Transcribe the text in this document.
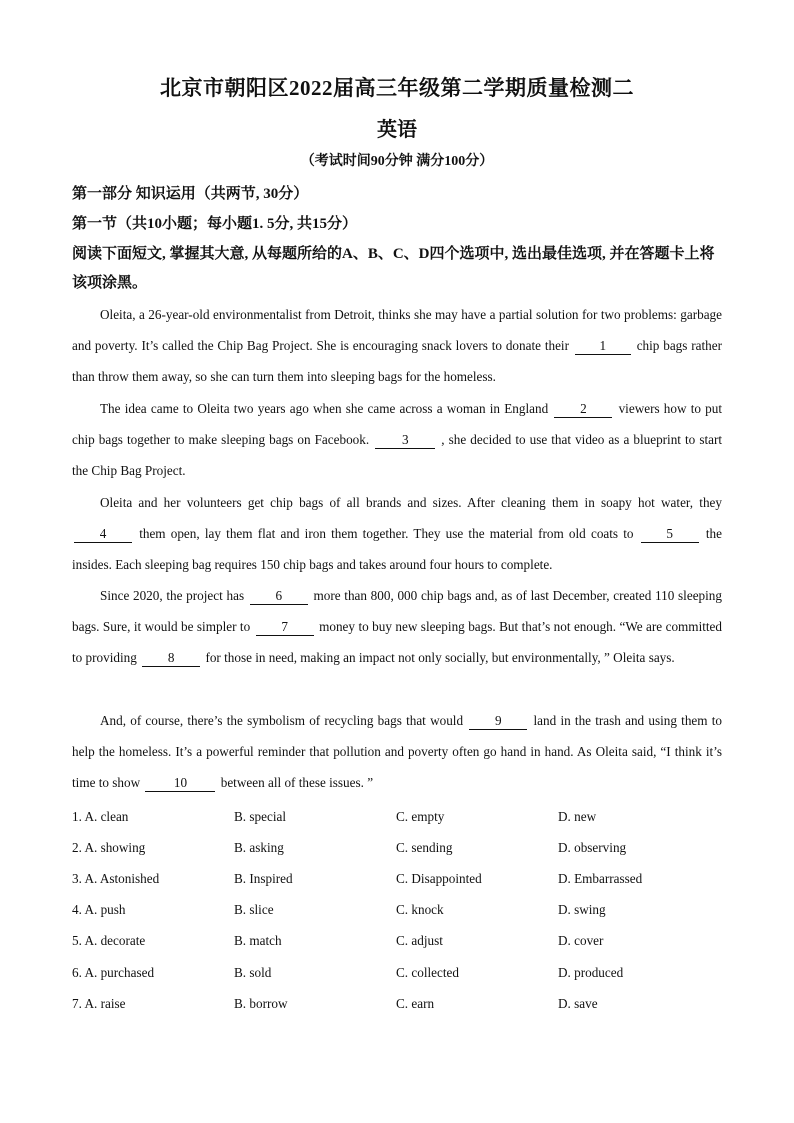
北京市朝阳区2022届高三年级第二学期质量检测二
英语
（考试时间90分钟 满分100分）
第一部分 知识运用（共两节, 30分）
第一节（共10小题；每小题1. 5分, 共15分）
阅读下面短文, 掌握其大意, 从每题所给的A、B、C、D四个选项中, 选出最佳选项, 并在答题卡上将该项涂黑。
Oleita, a 26-year-old environmentalist from Detroit, thinks she may have a partial solution for two problems: garbage and poverty. It’s called the Chip Bag Project. She is encouraging snack lovers to donate their 1 chip bags rather than throw them away, so she can turn them into sleeping bags for the homeless.
The idea came to Oleita two years ago when she came across a woman in England 2 viewers how to put chip bags together to make sleeping bags on Facebook. 3 , she decided to use that video as a blueprint to start the Chip Bag Project.
Oleita and her volunteers get chip bags of all brands and sizes. After cleaning them in soapy hot water, they 4 them open, lay them flat and iron them together. They use the material from old coats to 5 the insides. Each sleeping bag requires 150 chip bags and takes around four hours to complete.
Since 2020, the project has 6 more than 800, 000 chip bags and, as of last December, created 110 sleeping bags. Sure, it would be simpler to 7 money to buy new sleeping bags. But that’s not enough. “We are committed to providing 8 for those in need, making an impact not only socially, but environmentally, ” Oleita says.
And, of course, there’s the symbolism of recycling bags that would 9 land in the trash and using them to help the homeless. It’s a powerful reminder that pollution and poverty often go hand in hand. As Oleita said, “I think it’s time to show	10	between all of these issues. ”
1. A. clean	B. special	C. empty	D. new
2. A. showing	B. asking	C. sending	D. observing
3. A. Astonished	B. Inspired	C. Disappointed	D. Embarrassed
4. A. push	B. slice	C. knock	D. swing
5. A. decorate	B. match	C. adjust	D. cover
6. A. purchased	B. sold	C. collected	D. produced
7. A. raise	B. borrow	C. earn	D. save
